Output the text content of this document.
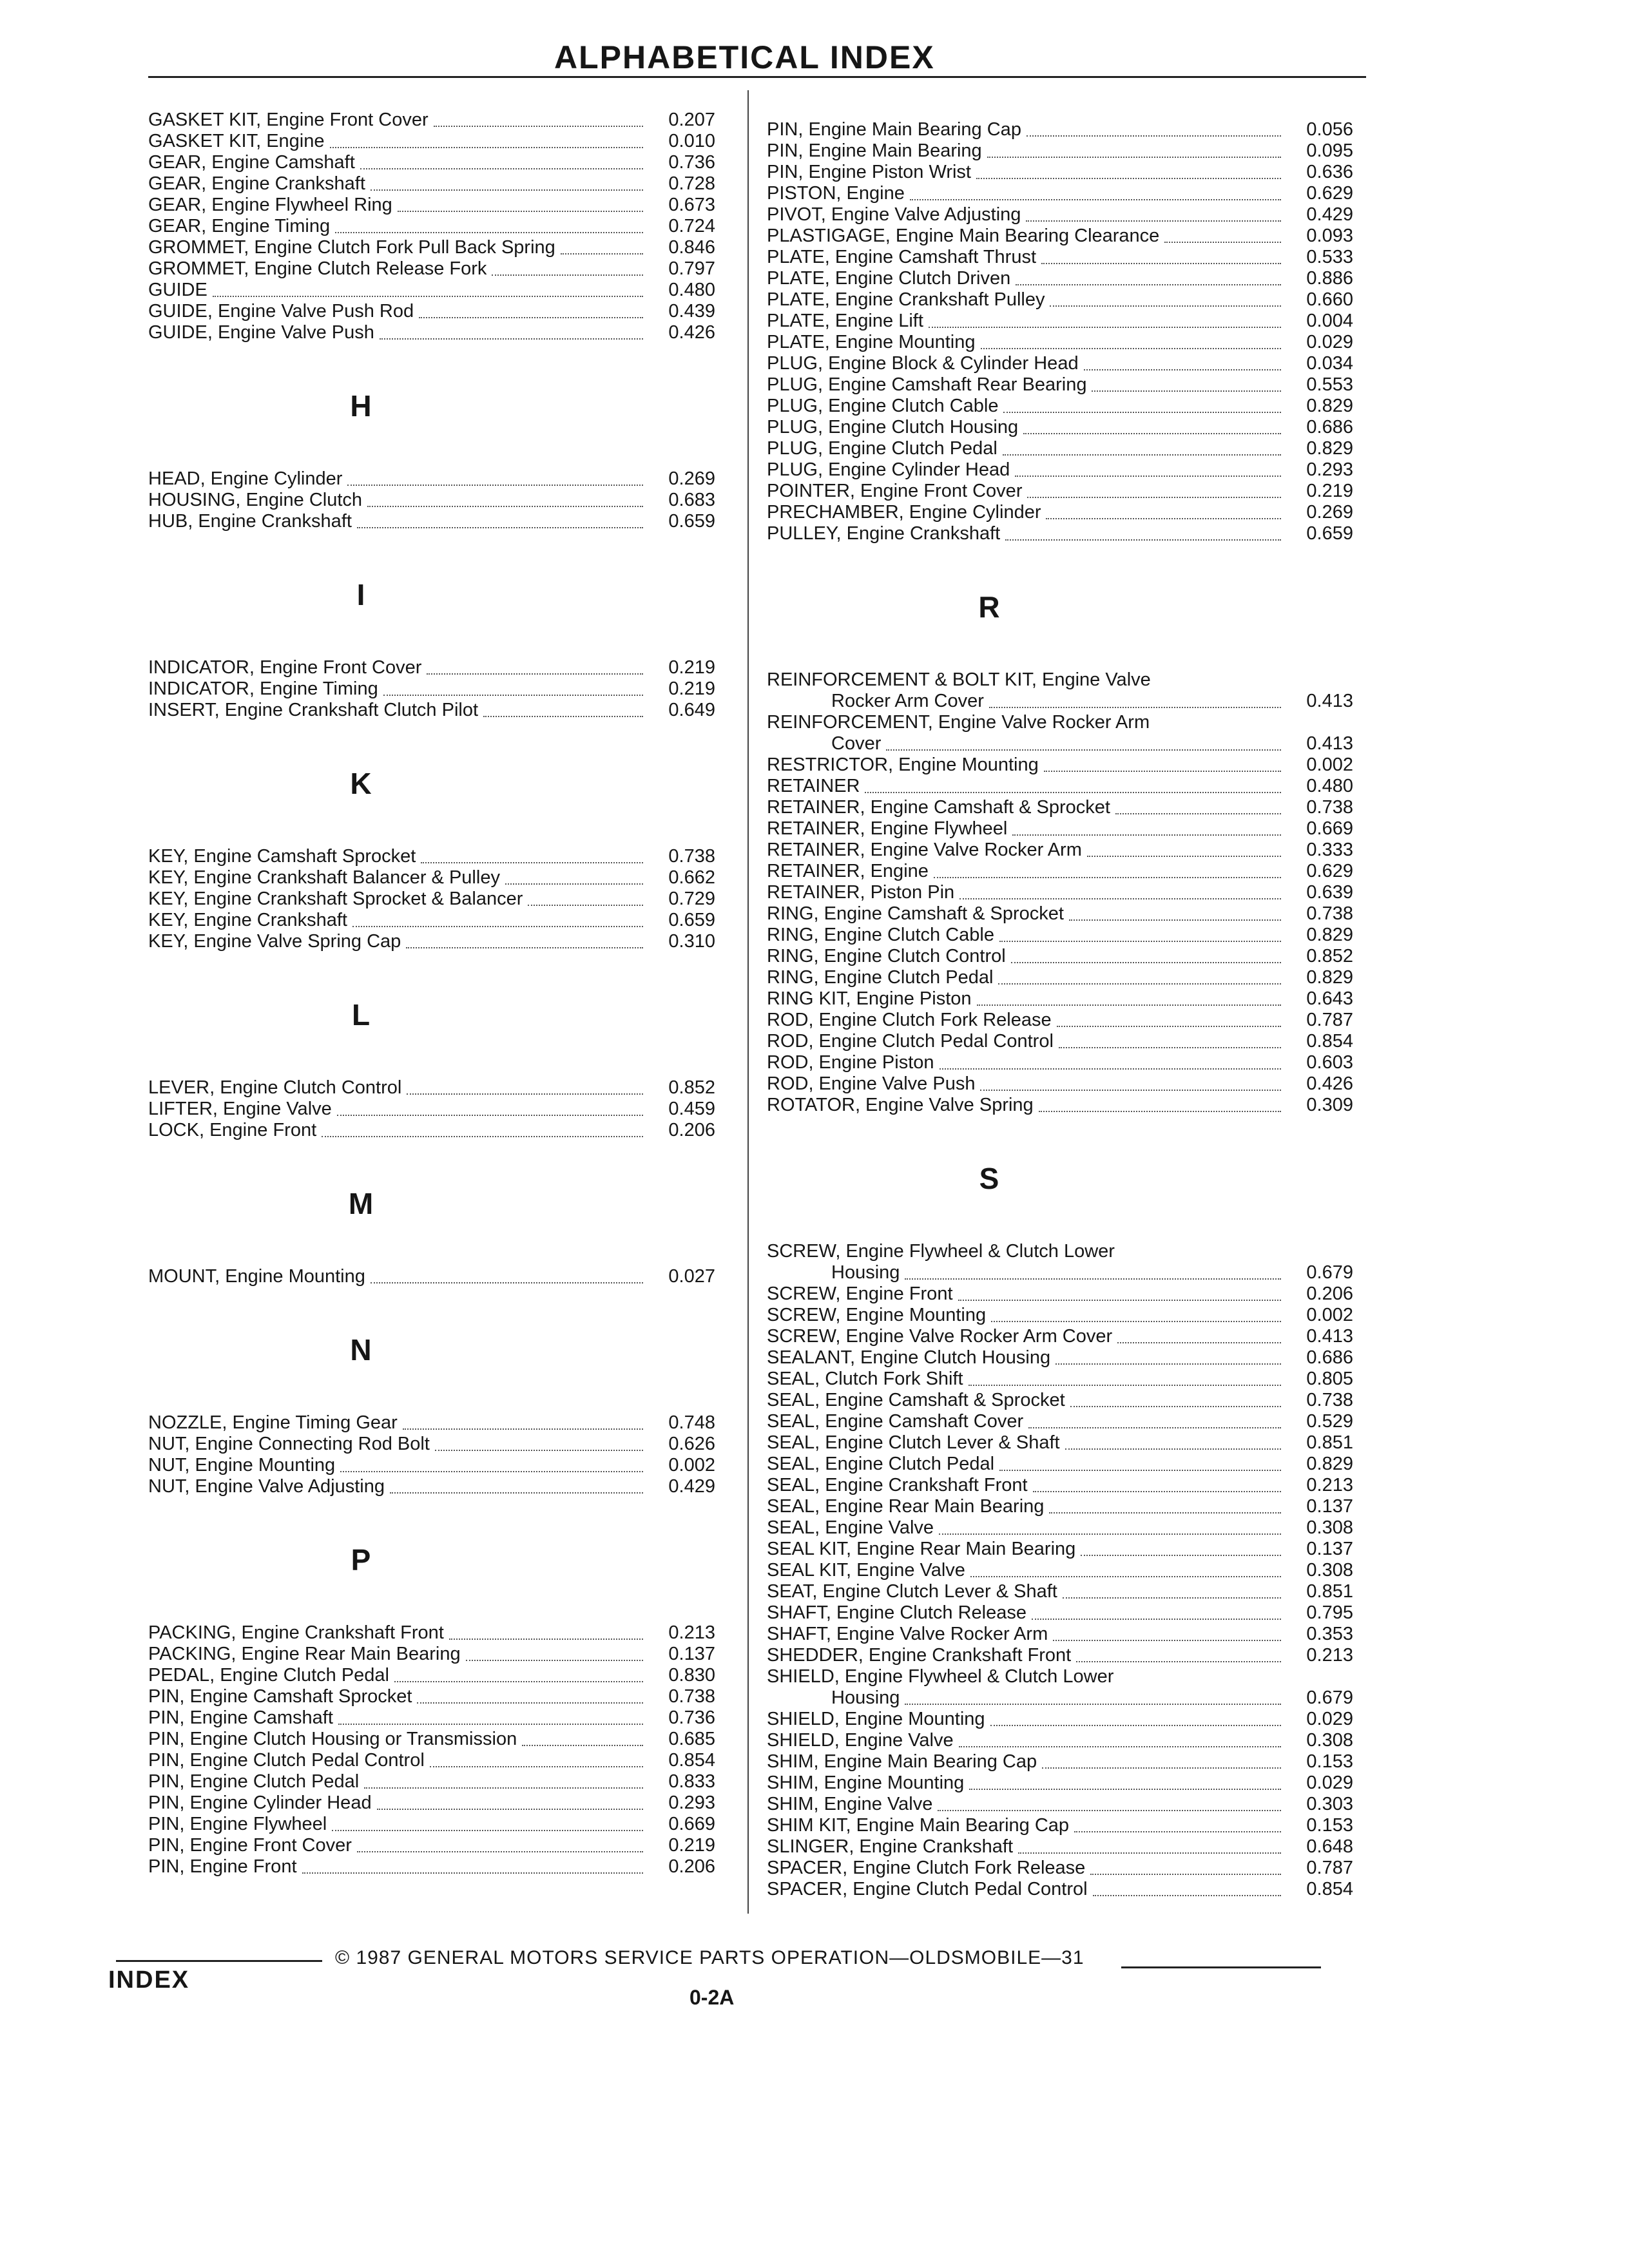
ALPHABETICAL INDEX
GASKET KIT, Engine Front Cover	0.207
GASKET KIT, Engine	0.010
GEAR, Engine Camshaft	0.736
GEAR, Engine Crankshaft	0.728
GEAR, Engine Flywheel Ring	0.673
GEAR, Engine Timing	0.724
GROMMET, Engine Clutch Fork Pull Back Spring	0.846
GROMMET, Engine Clutch Release Fork	0.797
GUIDE	0.480
GUIDE, Engine Valve Push Rod	0.439
GUIDE, Engine Valve Push	0.426
H
HEAD, Engine Cylinder	0.269
HOUSING, Engine Clutch	0.683
HUB, Engine Crankshaft	0.659
I
INDICATOR, Engine Front Cover	0.219
INDICATOR, Engine Timing	0.219
INSERT, Engine Crankshaft Clutch Pilot	0.649
K
KEY, Engine Camshaft Sprocket	0.738
KEY, Engine Crankshaft Balancer & Pulley	0.662
KEY, Engine Crankshaft Sprocket & Balancer	0.729
KEY, Engine Crankshaft	0.659
KEY, Engine Valve Spring Cap	0.310
L
LEVER, Engine Clutch Control	0.852
LIFTER, Engine Valve	0.459
LOCK, Engine Front	0.206
M
MOUNT, Engine Mounting	0.027
N
NOZZLE, Engine Timing Gear	0.748
NUT, Engine Connecting Rod Bolt	0.626
NUT, Engine Mounting	0.002
NUT, Engine Valve Adjusting	0.429
P
PACKING, Engine Crankshaft Front	0.213
PACKING, Engine Rear Main Bearing	0.137
PEDAL, Engine Clutch Pedal	0.830
PIN, Engine Camshaft Sprocket	0.738
PIN, Engine Camshaft	0.736
PIN, Engine Clutch Housing or Transmission	0.685
PIN, Engine Clutch Pedal Control	0.854
PIN, Engine Clutch Pedal	0.833
PIN, Engine Cylinder Head	0.293
PIN, Engine Flywheel	0.669
PIN, Engine Front Cover	0.219
PIN, Engine Front	0.206
PIN, Engine Main Bearing Cap	0.056
PIN, Engine Main Bearing	0.095
PIN, Engine Piston Wrist	0.636
PISTON, Engine	0.629
PIVOT, Engine Valve Adjusting	0.429
PLASTIGAGE, Engine Main Bearing Clearance	0.093
PLATE, Engine Camshaft Thrust	0.533
PLATE, Engine Clutch Driven	0.886
PLATE, Engine Crankshaft Pulley	0.660
PLATE, Engine Lift	0.004
PLATE, Engine Mounting	0.029
PLUG, Engine Block & Cylinder Head	0.034
PLUG, Engine Camshaft Rear Bearing	0.553
PLUG, Engine Clutch Cable	0.829
PLUG, Engine Clutch Housing	0.686
PLUG, Engine Clutch Pedal	0.829
PLUG, Engine Cylinder Head	0.293
POINTER, Engine Front Cover	0.219
PRECHAMBER, Engine Cylinder	0.269
PULLEY, Engine Crankshaft	0.659
R
REINFORCEMENT & BOLT KIT, Engine Valve
Rocker Arm Cover	0.413
REINFORCEMENT, Engine Valve Rocker Arm
Cover	0.413
RESTRICTOR, Engine Mounting	0.002
RETAINER	0.480
RETAINER, Engine Camshaft & Sprocket	0.738
RETAINER, Engine Flywheel	0.669
RETAINER, Engine Valve Rocker Arm	0.333
RETAINER, Engine	0.629
RETAINER, Piston Pin	0.639
RING, Engine Camshaft & Sprocket	0.738
RING, Engine Clutch Cable	0.829
RING, Engine Clutch Control	0.852
RING, Engine Clutch Pedal	0.829
RING KIT, Engine Piston	0.643
ROD, Engine Clutch Fork Release	0.787
ROD, Engine Clutch Pedal Control	0.854
ROD, Engine Piston	0.603
ROD, Engine Valve Push	0.426
ROTATOR, Engine Valve Spring	0.309
S
SCREW, Engine Flywheel & Clutch Lower
Housing	0.679
SCREW, Engine Front	0.206
SCREW, Engine Mounting	0.002
SCREW, Engine Valve Rocker Arm Cover	0.413
SEALANT, Engine Clutch Housing	0.686
SEAL, Clutch Fork Shift	0.805
SEAL, Engine Camshaft & Sprocket	0.738
SEAL, Engine Camshaft Cover	0.529
SEAL, Engine Clutch Lever & Shaft	0.851
SEAL, Engine Clutch Pedal	0.829
SEAL, Engine Crankshaft Front	0.213
SEAL, Engine Rear Main Bearing	0.137
SEAL, Engine Valve	0.308
SEAL KIT, Engine Rear Main Bearing	0.137
SEAL KIT, Engine Valve	0.308
SEAT, Engine Clutch Lever & Shaft	0.851
SHAFT, Engine Clutch Release	0.795
SHAFT, Engine Valve Rocker Arm	0.353
SHEDDER, Engine Crankshaft Front	0.213
SHIELD, Engine Flywheel & Clutch Lower
Housing	0.679
SHIELD, Engine Mounting	0.029
SHIELD, Engine Valve	0.308
SHIM, Engine Main Bearing Cap	0.153
SHIM, Engine Mounting	0.029
SHIM, Engine Valve	0.303
SHIM KIT, Engine Main Bearing Cap	0.153
SLINGER, Engine Crankshaft	0.648
SPACER, Engine Clutch Fork Release	0.787
SPACER, Engine Clutch Pedal Control	0.854
© 1987 GENERAL MOTORS SERVICE PARTS OPERATION—OLDSMOBILE—31
INDEX
0-2A
